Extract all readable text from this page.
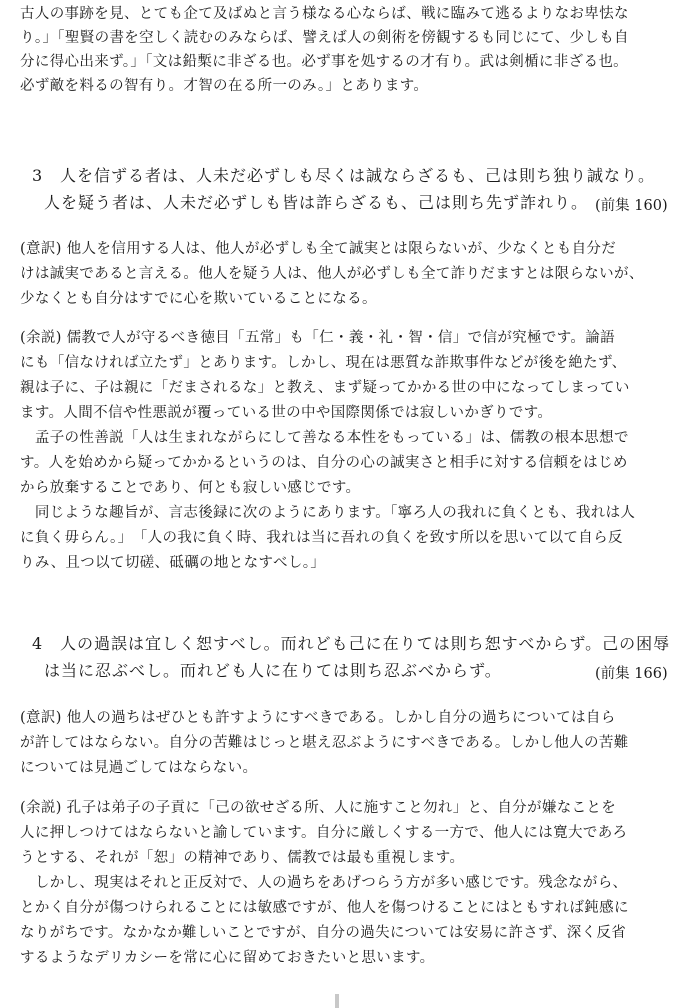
古人の事跡を見、とても企て及ばぬと言う様なる心ならば、戦に臨みて逃るよりなお卑怯な
り。」「聖賢の書を空しく読むのみならば、譬えば人の剣術を傍観するも同じにて、少しも自
分に得心出来ず。」「文は鉛槧に非ざる也。必ず事を処するの才有り。武は剣楯に非ざる也。
必ず敵を料るの智有り。才智の在る所一のみ。」とあります。
3 人を信ずる者は、人未だ必ずしも尽くは誠ならざるも、己は則ち独り誠なり。
人を疑う者は、人未だ必ずしも皆は詐らざるも、己は則ち先ず詐れり。 (前集 160)
(意訳) 他人を信用する人は、他人が必ずしも全て誠実とは限らないが、少なくとも自分だ
けは誠実であると言える。他人を疑う人は、他人が必ずしも全て詐りだますとは限らないが、
少なくとも自分はすでに心を欺いていることになる。
(余説) 儒教で人が守るべき徳目「五常」も「仁・義・礼・智・信」で信が究極です。論語
にも「信なければ立たず」とあります。しかし、現在は悪質な詐欺事件などが後を絶たず、
親は子に、子は親に「だまされるな」と教え、まず疑ってかかる世の中になってしまってい
ます。人間不信や性悪説が覆っている世の中や国際関係では寂しいかぎりです。
　孟子の性善説「人は生まれながらにして善なる本性をもっている」は、儒教の根本思想で
す。人を始めから疑ってかかるというのは、自分の心の誠実さと相手に対する信頼をはじめ
から放棄することであり、何とも寂しい感じです。
　同じような趣旨が、言志後録に次のようにあります。「寧ろ人の我れに負くとも、我れは人
に負く毋らん。」　「人の我に負く時、我れは当に吾れの負くを致す所以を思いて以て自ら反
りみ、且つ以て切磋、砥礪の地となすべし。」
4 人の過誤は宜しく恕すべし。而れども己に在りては則ち恕すべからず。己の困辱
は当に忍ぶべし。而れども人に在りては則ち忍ぶべからず。	(前集 166)
(意訳) 他人の過ちはぜひとも許すようにすべきである。しかし自分の過ちについては自ら
が許してはならない。自分の苦難はじっと堪え忍ぶようにすべきである。しかし他人の苦難
については見過ごしてはならない。
(余説) 孔子は弟子の子貢に「己の欲せざる所、人に施すこと勿れ」と、自分が嫌なことを
人に押しつけてはならないと諭しています。自分に厳しくする一方で、他人には寛大であろ
うとする、それが「恕」の精神であり、儒教では最も重視します。
　しかし、現実はそれと正反対で、人の過ちをあげつらう方が多い感じです。残念ながら、
とかく自分が傷つけられることには敏感ですが、他人を傷つけることにはともすれば鈍感に
なりがちです。なかなか難しいことですが、自分の過失については安易に許さず、深く反省
するようなデリカシーを常に心に留めておきたいと思います。
